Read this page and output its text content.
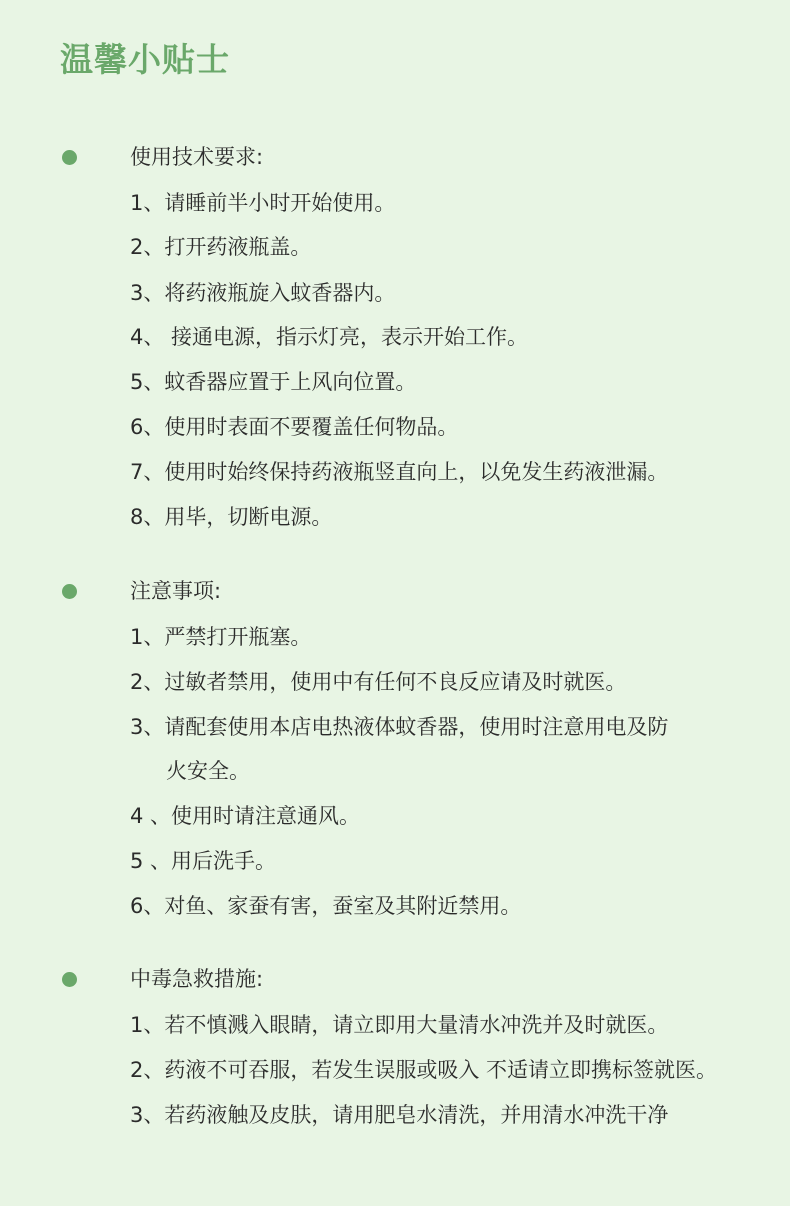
温馨小贴士
使用技术要求:
1、请睡前半小时开始使用。
2、打开药液瓶盖。
3、将药液瓶旋入蚊香器内。
4、 接通电源，指示灯亮，表示开始工作。
5、蚊香器应置于上风向位置。
6、使用时表面不要覆盖任何物品。
7、使用时始终保持药液瓶竖直向上，以免发生药液泄漏。
8、用毕，切断电源。
注意事项:
1、严禁打开瓶塞。
2、过敏者禁用，使用中有任何不良反应请及时就医。
3、请配套使用本店电热液体蚊香器，使用时注意用电及防
火安全。
4 、使用时请注意通风。
5 、用后洗手。
6、对鱼、家蚕有害，蚕室及其附近禁用。
中毒急救措施:
1、若不慎溅入眼睛，请立即用大量清水冲洗并及时就医。
2、药液不可吞服，若发生误服或吸入 不适请立即携标签就医。
3、若药液触及皮肤，请用肥皂水清洗，并用清水冲洗干净
